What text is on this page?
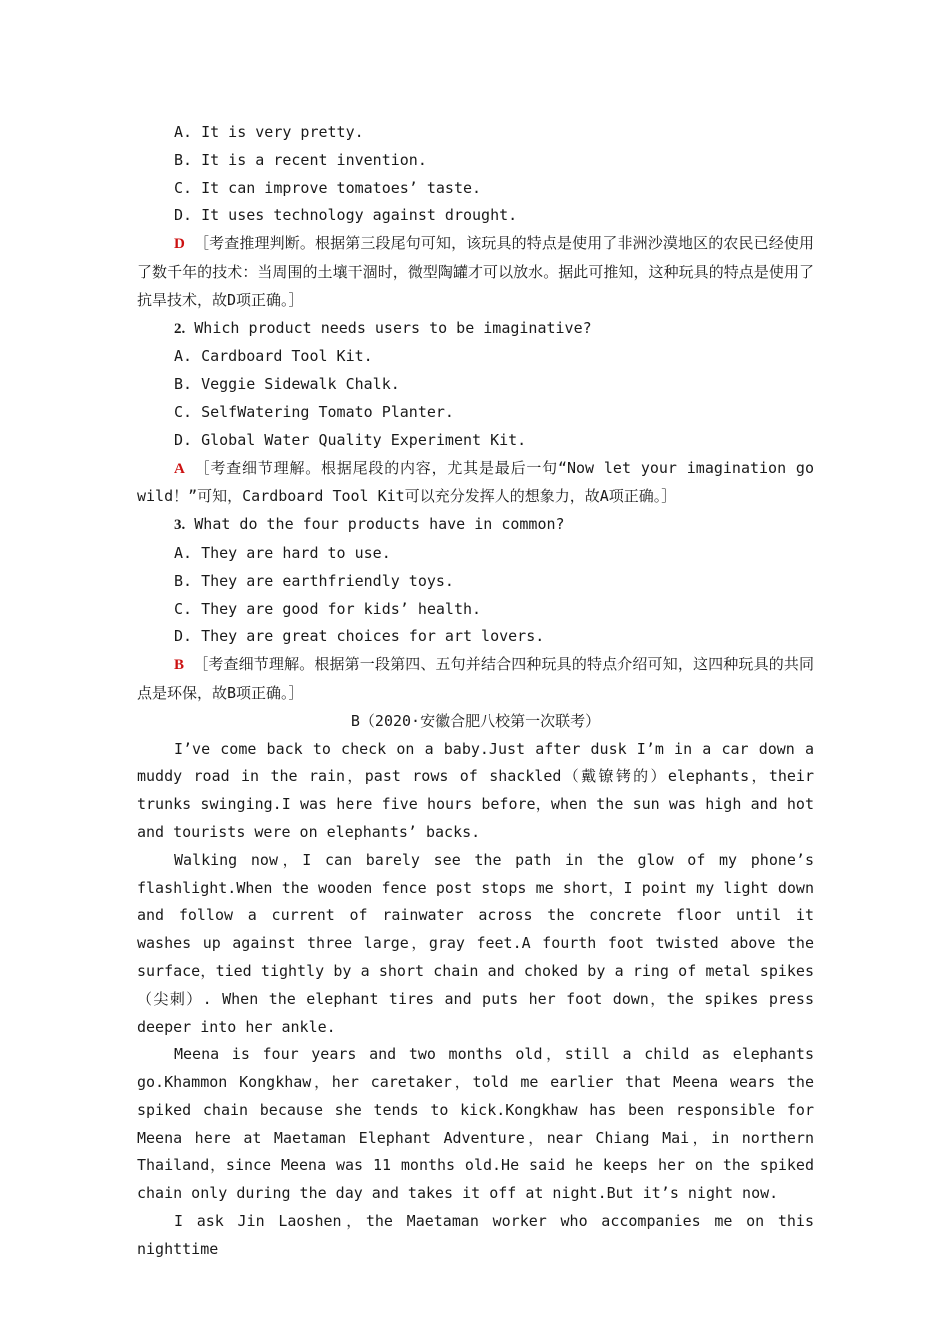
A. It is very pretty.
B. It is a recent invention.
C. It can improve tomatoes’ taste.
D. It uses technology against drought.
D ［考查推理判断。根据第三段尾句可知，该玩具的特点是使用了非洲沙漠地区的农民已经使用了数千年的技术：当周围的土壤干涸时，微型陶罐才可以放水。据此可推知，这种玩具的特点是使用了抗旱技术，故D项正确。］
2. Which product needs users to be imaginative?
A. Cardboard Tool Kit.
B. Veggie Sidewalk Chalk.
C. SelfWatering Tomato Planter.
D. Global Water Quality Experiment Kit.
A ［考查细节理解。根据尾段的内容，尤其是最后一句“Now let your imagination go wild！”可知，Cardboard Tool Kit可以充分发挥人的想象力，故A项正确。］
3. What do the four products have in common?
A. They are hard to use.
B. They are earthfriendly toys.
C. They are good for kids’ health.
D. They are great choices for art lovers.
B ［考查细节理解。根据第一段第四、五句并结合四种玩具的特点介绍可知，这四种玩具的共同点是环保，故B项正确。］
B（2020·安徽合肥八校第一次联考）
I’ve come back to check on a baby.Just after dusk I’m in a car down a muddy road in the rain，past rows of shackled（戴镣铐的）elephants，their trunks swinging.I was here five hours before，when the sun was high and hot and tourists were on elephants’ backs.
Walking now，I can barely see the path in the glow of my phone’s flashlight.When the wooden fence post stops me short，I point my light down and follow a current of rainwater across the concrete floor until it washes up against three large，gray feet.A fourth foot twisted above the surface，tied tightly by a short chain and choked by a ring of metal spikes（尖刺）. When the elephant tires and puts her foot down，the spikes press deeper into her ankle.
Meena is four years and two months old，still a child as elephants go.Khammon Kongkhaw，her caretaker，told me earlier that Meena wears the spiked chain because she tends to kick.Kongkhaw has been responsible for Meena here at Maetaman Elephant Adventure，near Chiang Mai，in northern Thailand，since Meena was 11 months old.He said he keeps her on the spiked chain only during the day and takes it off at night.But it’s night now.
I ask Jin Laoshen，the Maetaman worker who accompanies me on this nighttime
